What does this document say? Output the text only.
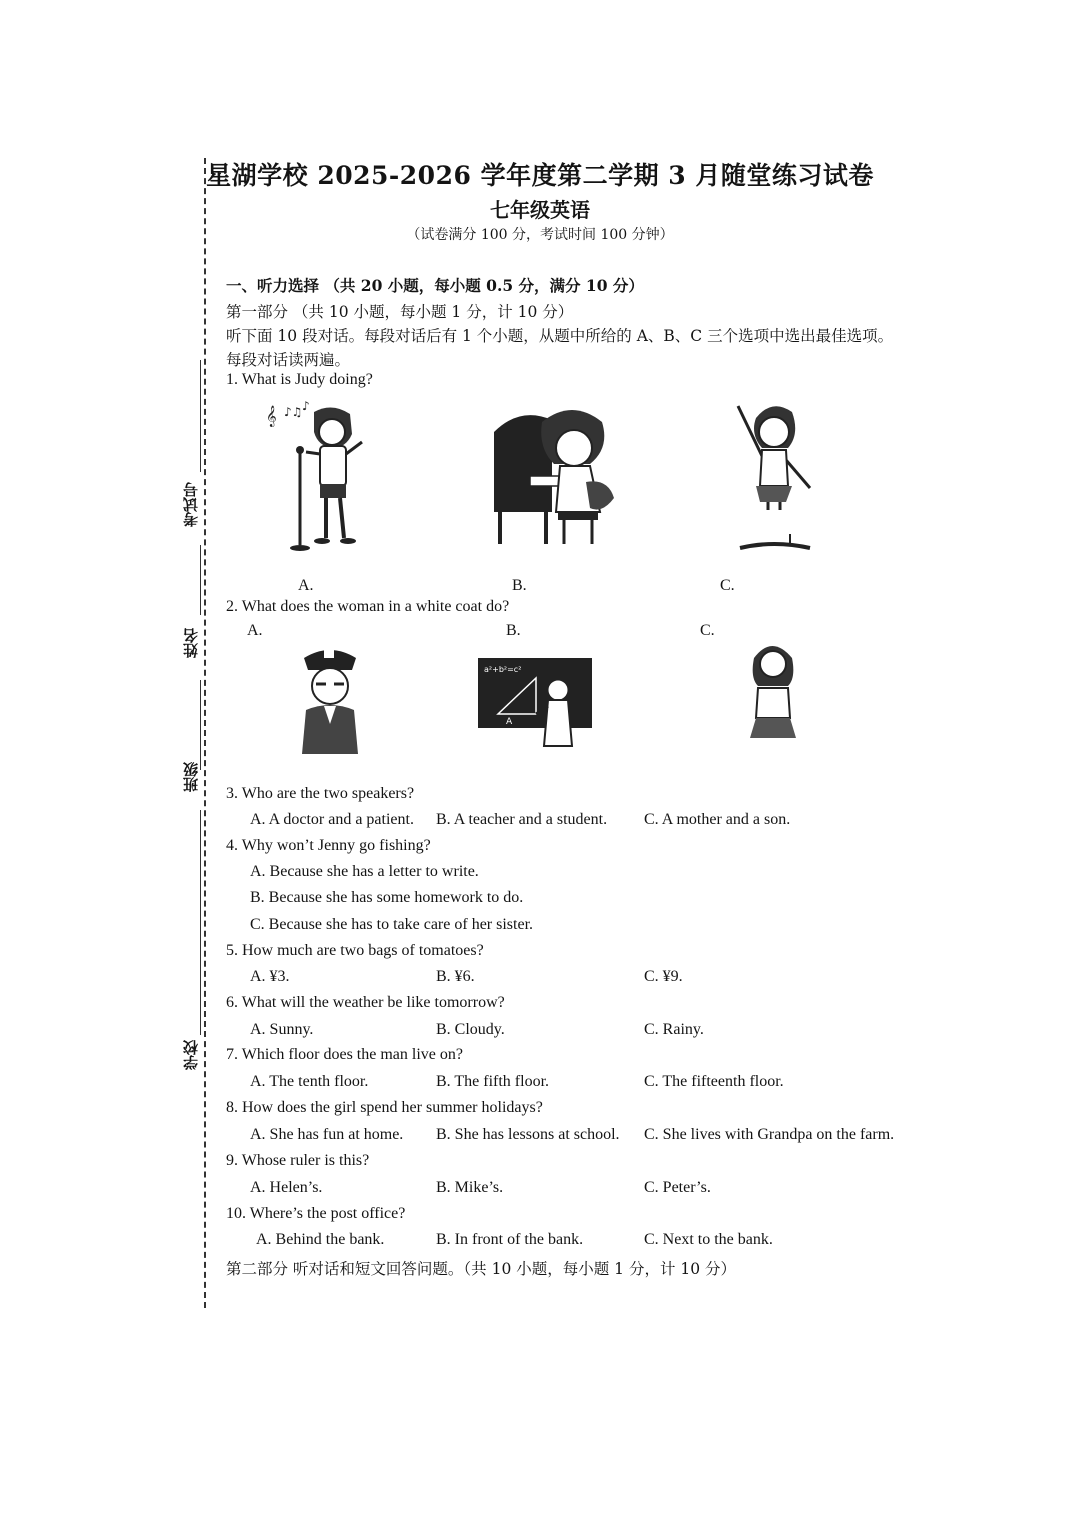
星湖学校 2025-2026 学年度第二学期 3 月随堂练习试卷
七年级英语
（试卷满分 100 分，考试时间 100 分钟）
考试号
姓名
班级
学校
一、听力选择 （共 20 小题，每小题 0.5 分，满分 10 分）
第一部分 （共 10 小题，每小题 1 分，计 10 分）
听下面 10 段对话。每段对话后有 1 个小题，从题中所给的 A、B、C 三个选项中选出最佳选项。
每段对话读两遍。
1. What is Judy doing?
𝄞 ♪♫ ♪
A.	B.	C.
2. What does the woman in a white coat do?
A.	B.	C.
a²+b²=c²
A
3. Who are the two speakers?
A. A doctor and a patient. B. A teacher and a student. C. A mother and a son.
4. Why won’t Jenny go fishing?
A. Because she has a letter to write.
B. Because she has some homework to do.
C. Because she has to take care of her sister.
5. How much are two bags of tomatoes?
A. ¥3.	B. ¥6.	C. ¥9.
6. What will the weather be like tomorrow?
A. Sunny.	B. Cloudy.	C. Rainy.
7. Which floor does the man live on?
A. The tenth floor.	B. The fifth floor.	C. The fifteenth floor.
8. How does the girl spend her summer holidays?
A. She has fun at home. B. She has lessons at school. C. She lives with Grandpa on the farm.
9. Whose ruler is this?
A. Helen’s.	B. Mike’s.	C. Peter’s.
10. Where’s the post office?
A. Behind the bank.	B. In front of the bank.	C. Next to the bank.
第二部分 听对话和短文回答问题。（共 10 小题，每小题 1 分，计 10 分）
